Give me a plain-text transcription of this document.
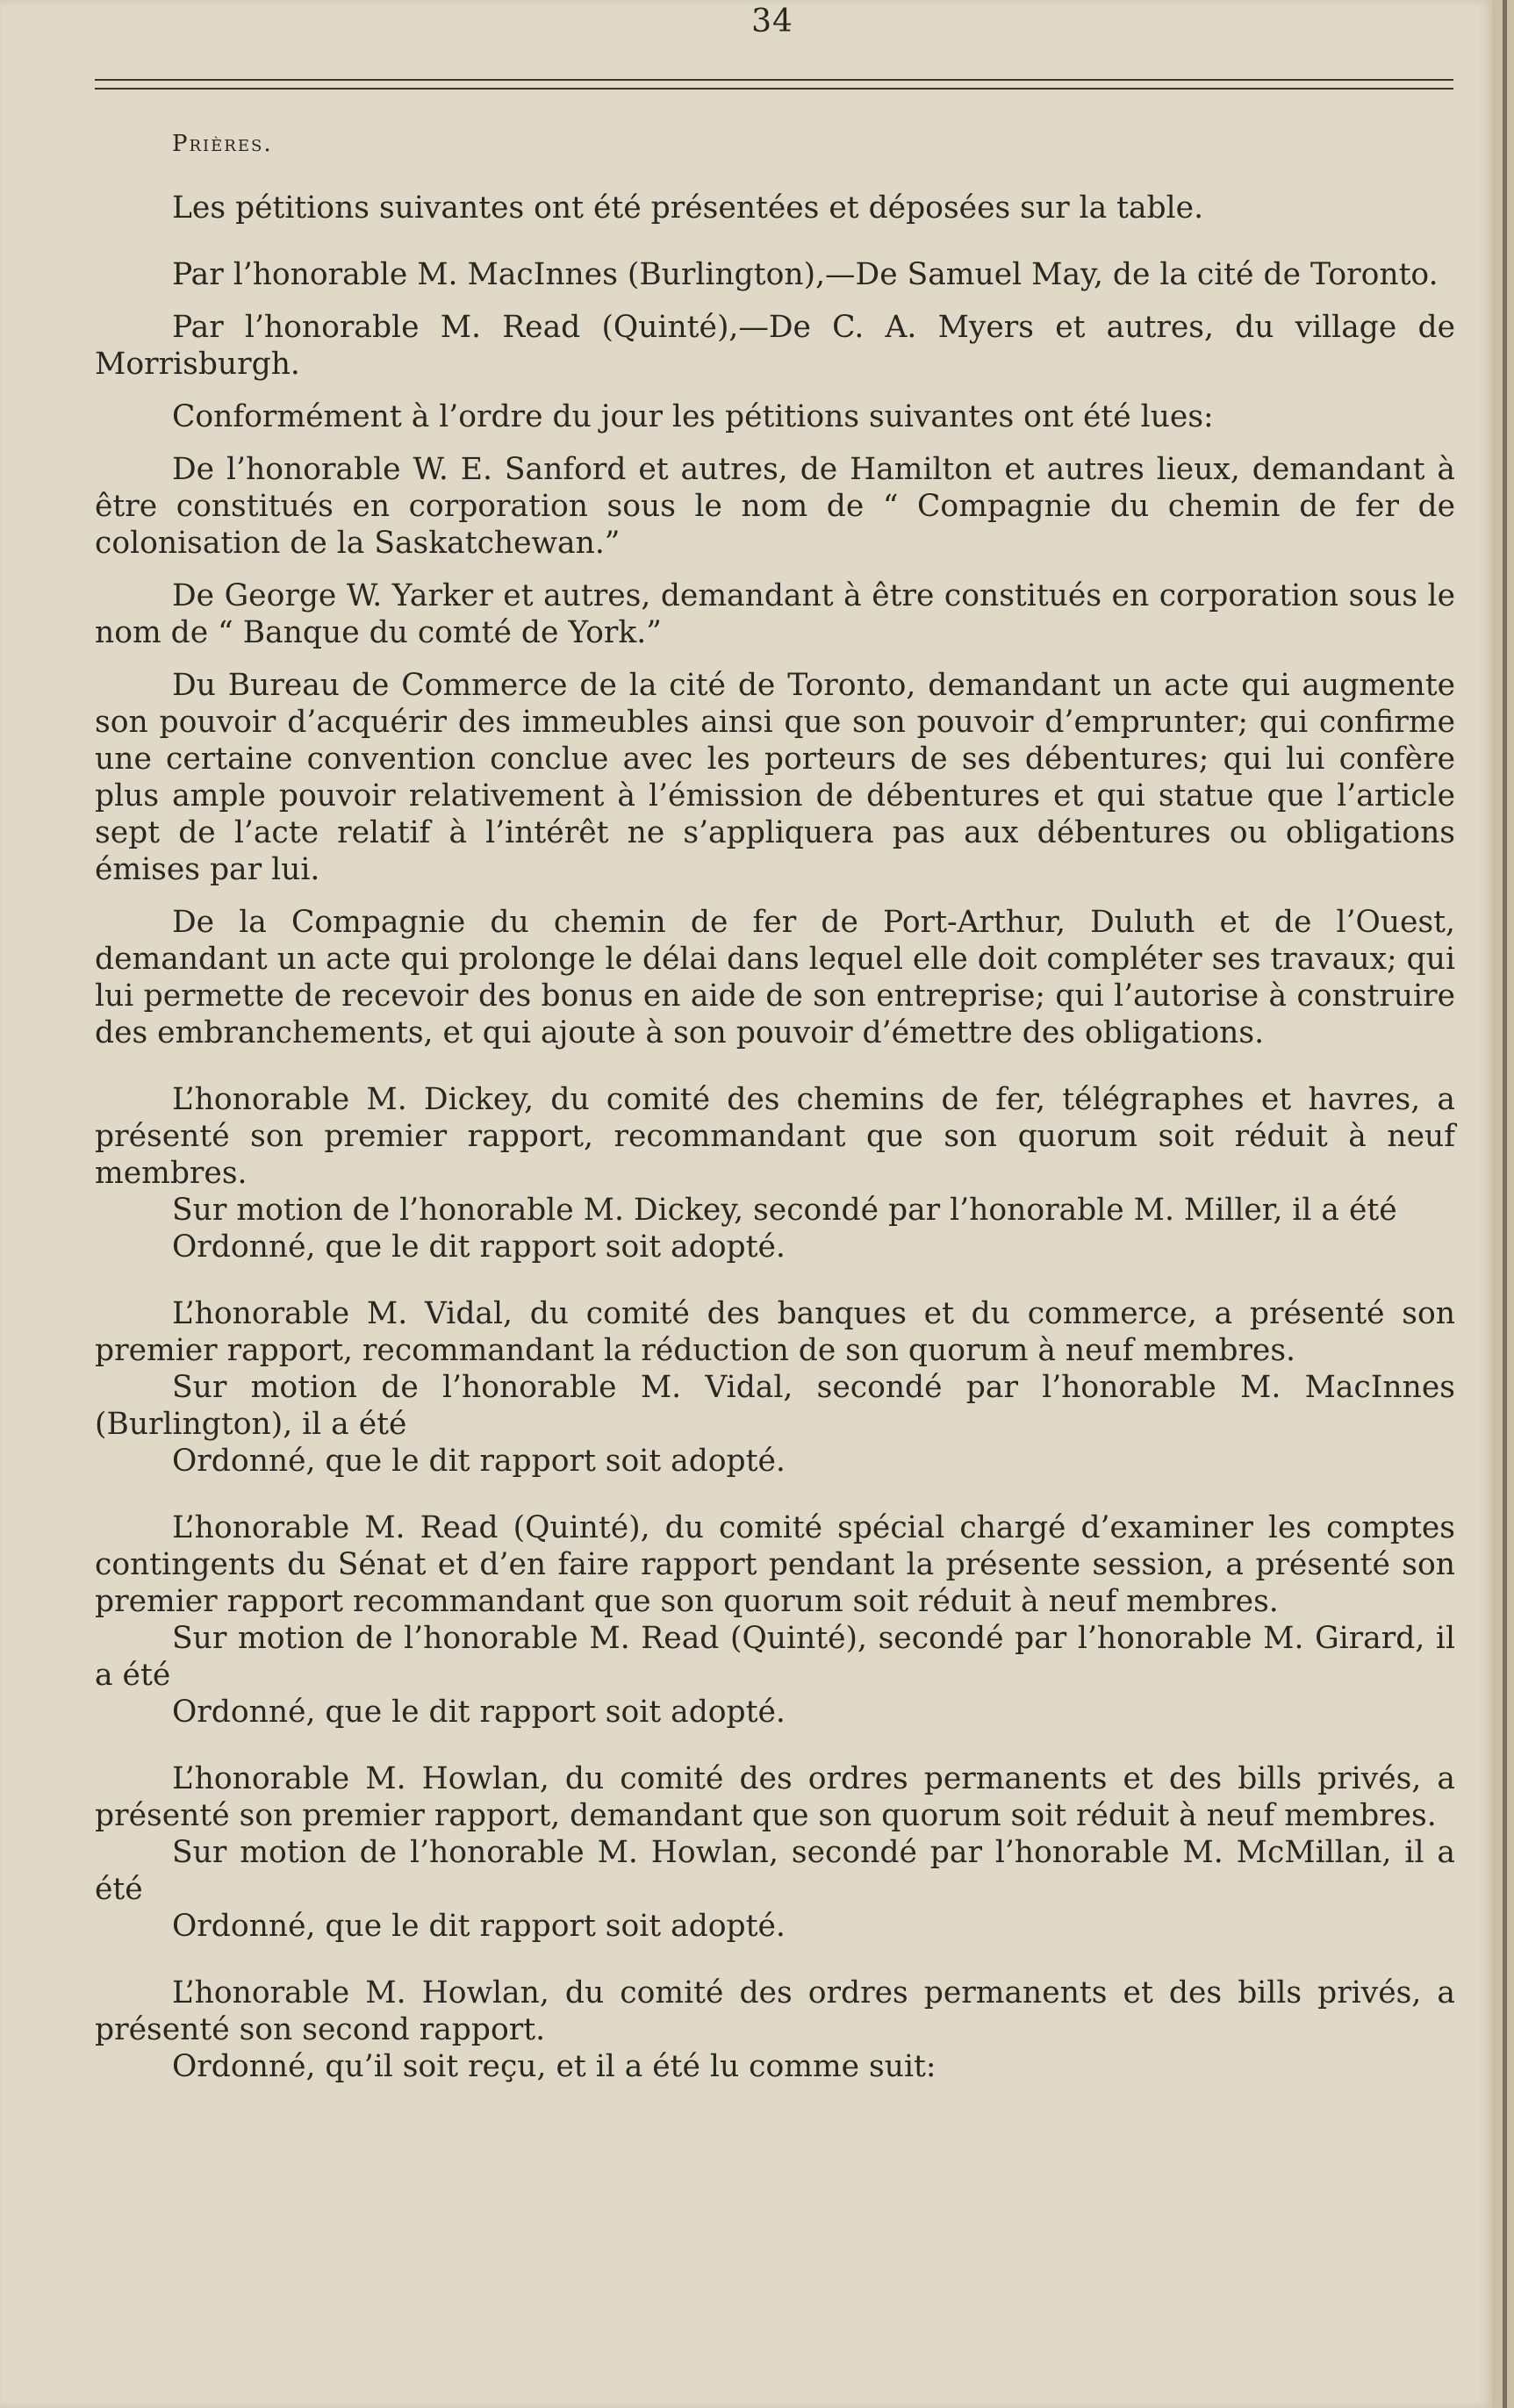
34
Prières.

Les pétitions suivantes ont été présentées et déposées sur la table.

Par l’honorable M. MacInnes (Burlington),—De Samuel May, de la cité de Toronto.

Par l’honorable M. Read (Quinté),—De C. A. Myers et autres, du village de Morrisburgh.

Conformément à l’ordre du jour les pétitions suivantes ont été lues:

De l’honorable W. E. Sanford et autres, de Hamilton et autres lieux, demandant à être constitués en corporation sous le nom de “ Compagnie du chemin de fer de colonisation de la Saskatchewan.”

De George W. Yarker et autres, demandant à être constitués en corporation sous le nom de “ Banque du comté de York.”

Du Bureau de Commerce de la cité de Toronto, demandant un acte qui augmente son pouvoir d’acquérir des immeubles ainsi que son pouvoir d’emprunter; qui confirme une certaine convention conclue avec les porteurs de ses débentures; qui lui confère plus ample pouvoir relativement à l’émission de débentures et qui statue que l’article sept de l’acte relatif à l’intérêt ne s’appliquera pas aux débentures ou obligations émises par lui.

De la Compagnie du chemin de fer de Port-Arthur, Duluth et de l’Ouest, demandant un acte qui prolonge le délai dans lequel elle doit compléter ses travaux; qui lui permette de recevoir des bonus en aide de son entreprise; qui l’autorise à construire des embranchements, et qui ajoute à son pouvoir d’émettre des obligations.

L’honorable M. Dickey, du comité des chemins de fer, télégraphes et havres, a présenté son premier rapport, recommandant que son quorum soit réduit à neuf membres.

Sur motion de l’honorable M. Dickey, secondé par l’honorable M. Miller, il a été

Ordonné, que le dit rapport soit adopté.

L’honorable M. Vidal, du comité des banques et du commerce, a présenté son premier rapport, recommandant la réduction de son quorum à neuf membres.

Sur motion de l’honorable M. Vidal, secondé par l’honorable M. MacInnes (Burlington), il a été

Ordonné, que le dit rapport soit adopté.

L’honorable M. Read (Quinté), du comité spécial chargé d’examiner les comptes contingents du Sénat et d’en faire rapport pendant la présente session, a présenté son premier rapport recommandant que son quorum soit réduit à neuf membres.

Sur motion de l’honorable M. Read (Quinté), secondé par l’honorable M. Girard, il a été

Ordonné, que le dit rapport soit adopté.

L’honorable M. Howlan, du comité des ordres permanents et des bills privés, a présenté son premier rapport, demandant que son quorum soit réduit à neuf membres.

Sur motion de l’honorable M. Howlan, secondé par l’honorable M. McMillan, il a été

Ordonné, que le dit rapport soit adopté.

L’honorable M. Howlan, du comité des ordres permanents et des bills privés, a présenté son second rapport.

Ordonné, qu’il soit reçu, et il a été lu comme suit:
